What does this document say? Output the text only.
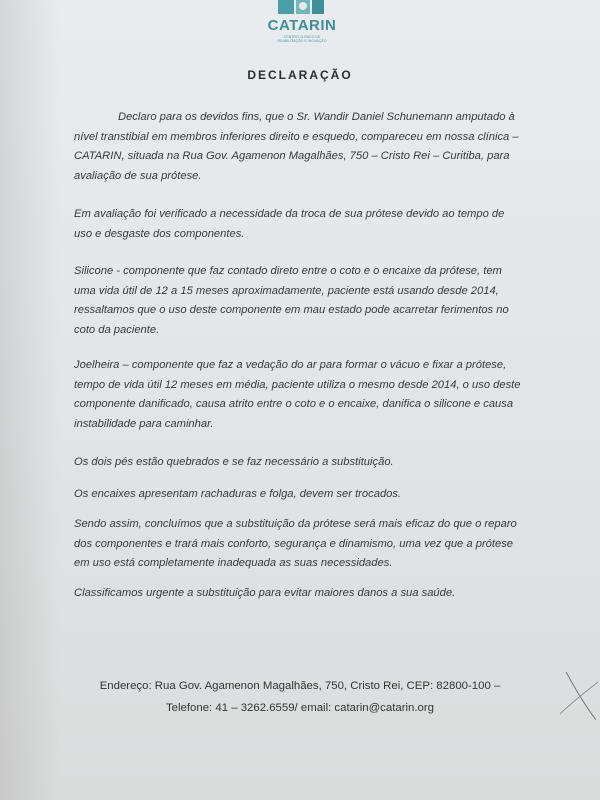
CATARIN
CENTRO CLÍNICO DE
REABILITAÇÃO E INOVAÇÃO
DECLARAÇÃO

Declaro para os devidos fins, que o Sr. Wandir Daniel Schunemann amputado à nível transtibial em membros inferiores direito e esquedo, compareceu em nossa clínica – CATARIN, situada na Rua Gov. Agamenon Magalhães, 750 – Cristo Rei – Curitiba, para avaliação de sua prótese.

Em avaliação foi verificado a necessidade da troca de sua prótese devido ao tempo de uso e desgaste dos componentes.

Silicone - componente que faz contado direto entre o coto e o encaixe da prótese, tem uma vida útil de 12 a 15 meses aproximadamente, paciente está usando desde 2014, ressaltamos que o uso deste componente em mau estado pode acarretar ferimentos no coto da paciente.

Joelheira – componente que faz a vedação do ar para formar o vácuo e fixar a prótese, tempo de vida útil 12 meses em média, paciente utiliza o mesmo desde 2014, o uso deste componente danificado, causa atrito entre o coto e o encaixe, danifica o silicone e causa instabilidade para caminhar.

Os dois pés estão quebrados e se faz necessário a substituição.

Os encaixes apresentam rachaduras e folga, devem ser trocados.

Sendo assim, concluímos que a substituição da prótese será mais eficaz do que o reparo dos componentes e trará mais conforto, segurança e dinamismo, uma vez que a prótese em uso está completamente inadequada as suas necessidades.

Classificamos urgente a substituição para evitar maiores danos a sua saúde.

Endereço: Rua Gov. Agamenon Magalhães, 750, Cristo Rei, CEP: 82800-100 –
Telefone: 41 – 3262.6559/ email: catarin@catarin.org
